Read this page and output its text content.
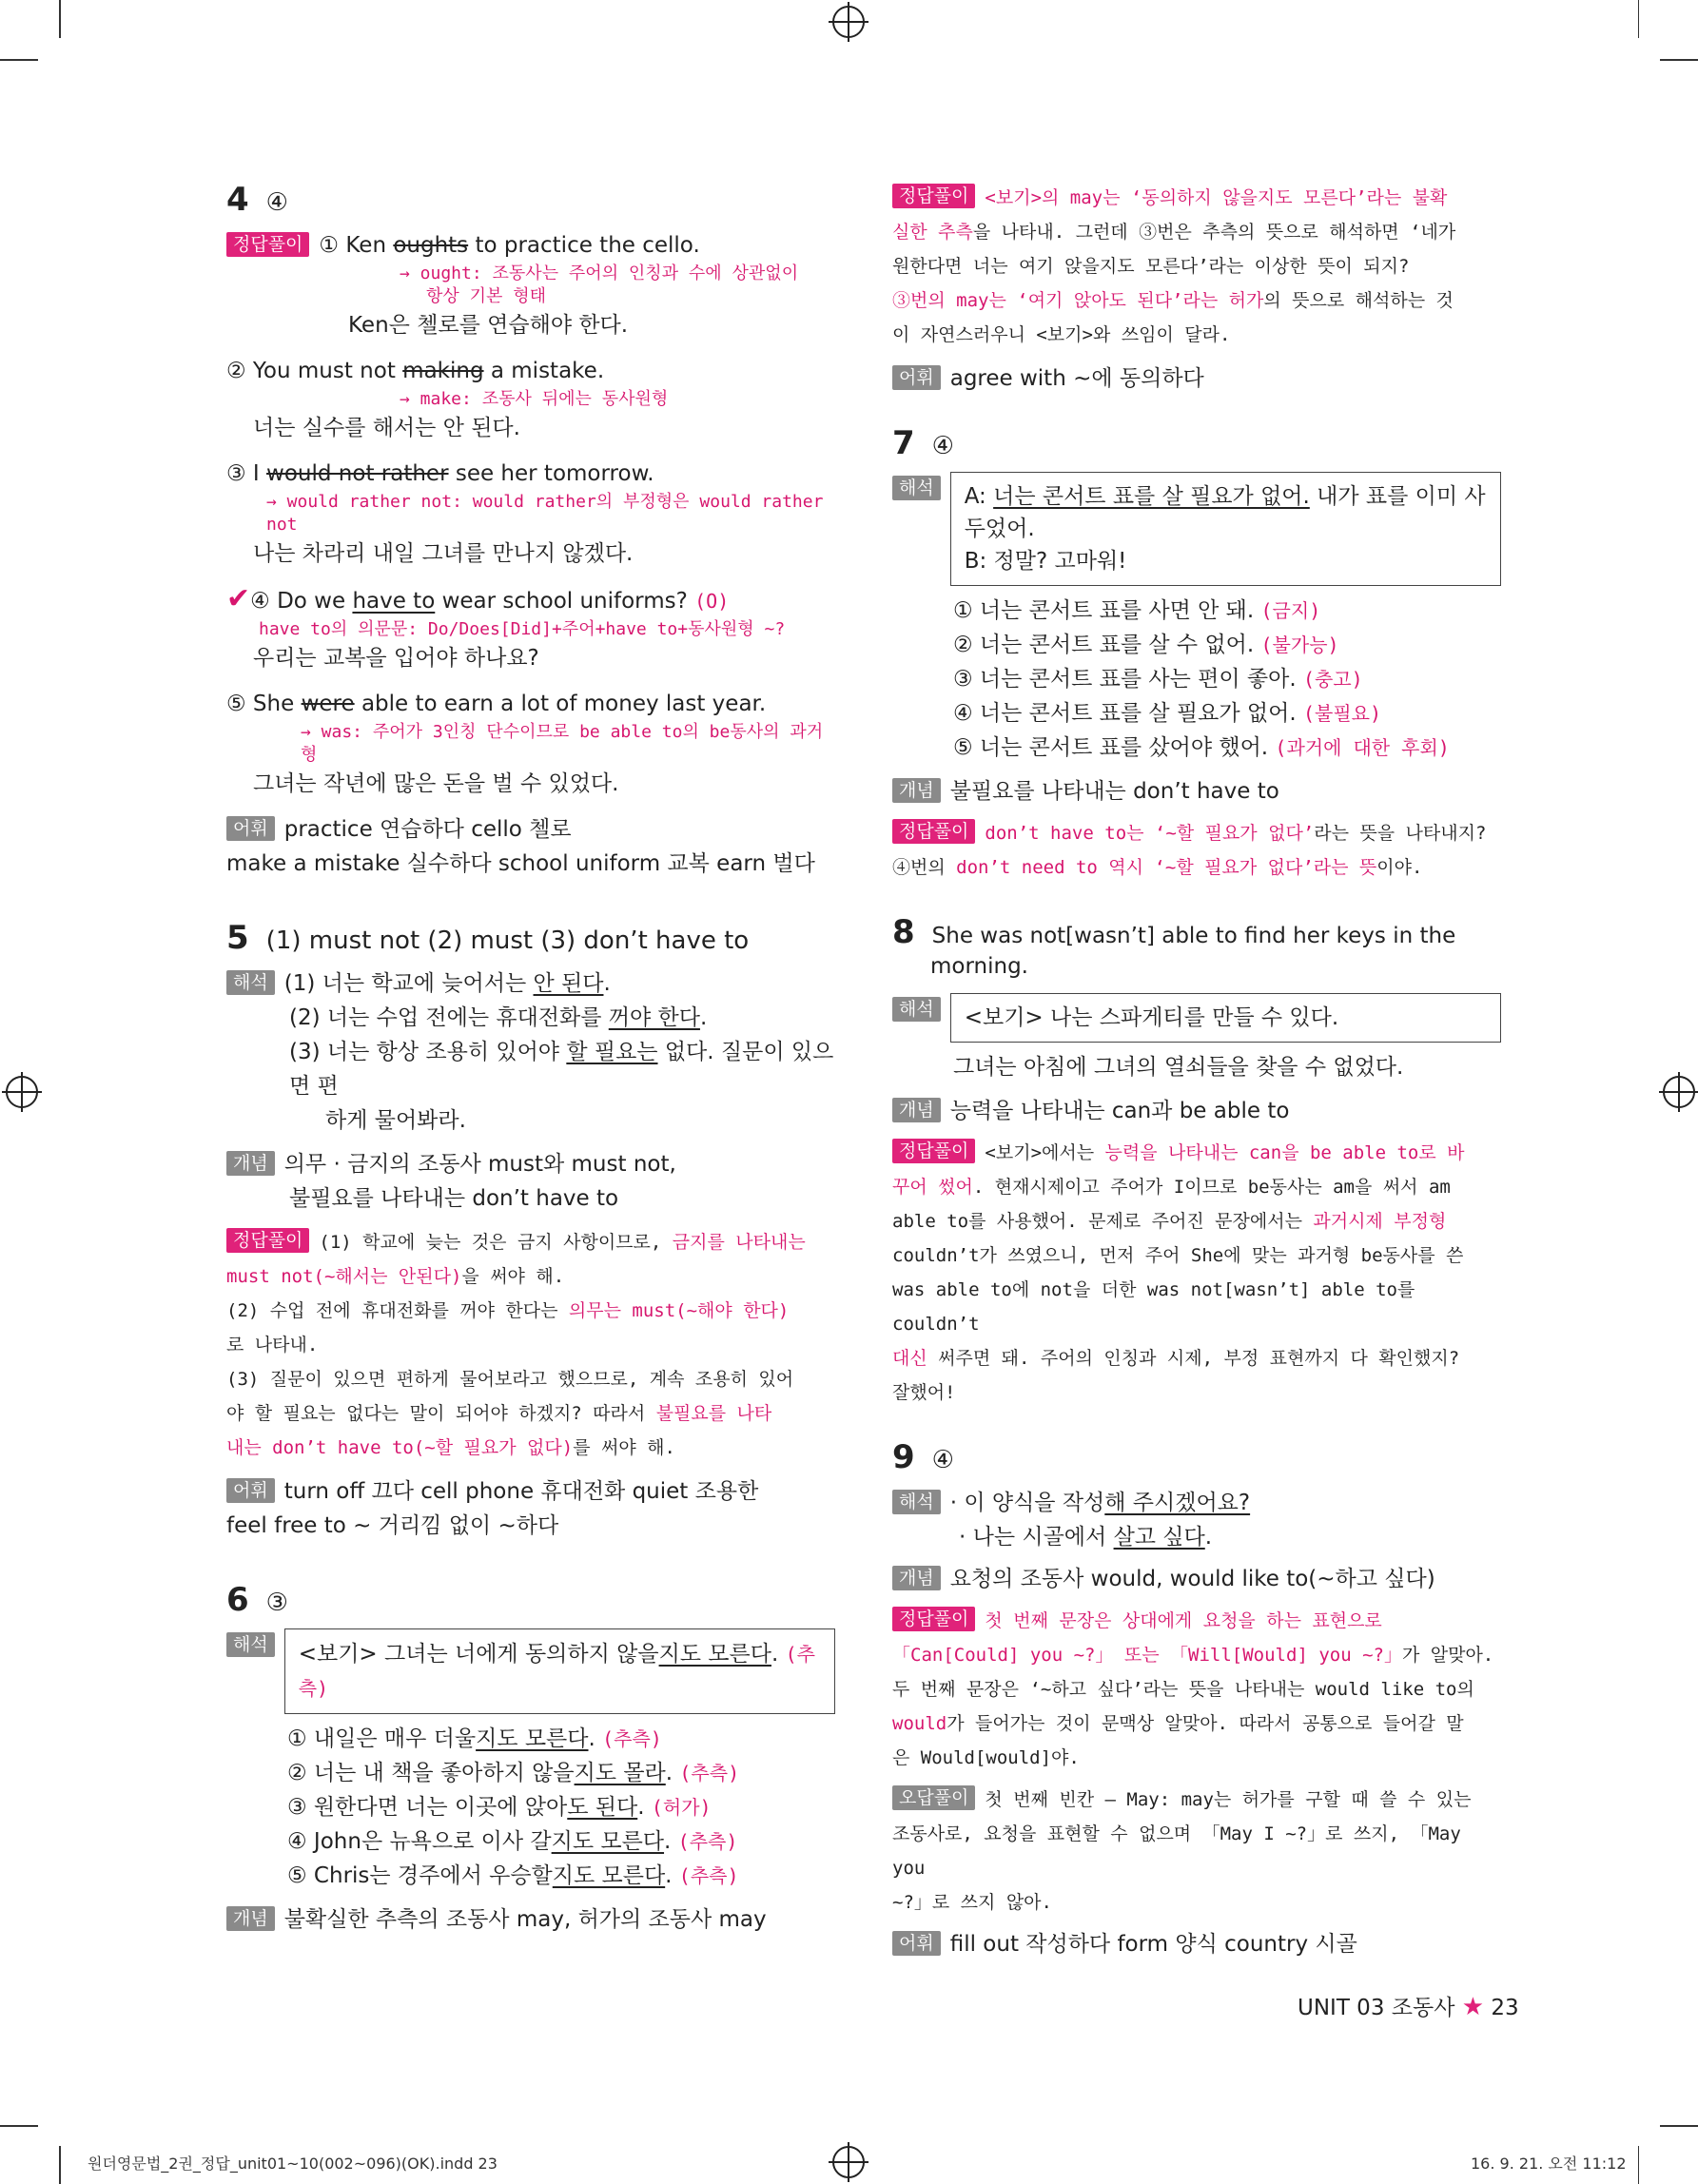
4 ④
정답풀이 ① Ken oughts to practice the cello.
→ ought: 조동사는 주어의 인칭과 수에 상관없이
항상 기본 형태
Ken은 첼로를 연습해야 한다.
② You must not making a mistake.
→ make: 조동사 뒤에는 동사원형
너는 실수를 해서는 안 된다.
③ I would not rather see her tomorrow.
→ would rather not: would rather의 부정형은 would rather not
나는 차라리 내일 그녀를 만나지 않겠다.
✔④ Do we have to wear school uniforms? (O)
have to의 의문문: Do/Does[Did]+주어+have to+동사원형 ~?
우리는 교복을 입어야 하나요?
⑤ She were able to earn a lot of money last year.
→ was: 주어가 3인칭 단수이므로 be able to의 be동사의 과거형
그녀는 작년에 많은 돈을 벌 수 있었다.
어휘 practice 연습하다 cello 첼로
make a mistake 실수하다 school uniform 교복 earn 벌다
5 (1) must not (2) must (3) don’t have to
해석 (1) 너는 학교에 늦어서는 안 된다.
(2) 너는 수업 전에는 휴대전화를 꺼야 한다.
(3) 너는 항상 조용히 있어야 할 필요는 없다. 질문이 있으면 편
하게 물어봐라.
개념 의무 · 금지의 조동사 must와 must not,
불필요를 나타내는 don’t have to
정답풀이 (1) 학교에 늦는 것은 금지 사항이므로, 금지를 나타내는
must not(~해서는 안된다)을 써야 해.
(2) 수업 전에 휴대전화를 꺼야 한다는 의무는 must(~해야 한다)
로 나타내.
(3) 질문이 있으면 편하게 물어보라고 했으므로, 계속 조용히 있어
야 할 필요는 없다는 말이 되어야 하겠지? 따라서 불필요를 나타
내는 don’t have to(~할 필요가 없다)를 써야 해.
어휘 turn off 끄다 cell phone 휴대전화 quiet 조용한
feel free to ~ 거리낌 없이 ~하다
6 ③
해석	<보기> 그녀는 너에게 동의하지 않을지도 모른다. (추측)
① 내일은 매우 더울지도 모른다. (추측)
② 너는 내 책을 좋아하지 않을지도 몰라. (추측)
③ 원한다면 너는 이곳에 앉아도 된다. (허가)
④ John은 뉴욕으로 이사 갈지도 모른다. (추측)
⑤ Chris는 경주에서 우승할지도 모른다. (추측)
개념 불확실한 추측의 조동사 may, 허가의 조동사 may
정답풀이 <보기>의 may는 ‘동의하지 않을지도 모른다’라는 불확
실한 추측을 나타내. 그런데 ③번은 추측의 뜻으로 해석하면 ‘네가
원한다면 너는 여기 앉을지도 모른다’라는 이상한 뜻이 되지?
③번의 may는 ‘여기 앉아도 된다’라는 허가의 뜻으로 해석하는 것
이 자연스러우니 <보기>와 쓰임이 달라.
어휘 agree with ~에 동의하다
7 ④
해석	A: 너는 콘서트 표를 살 필요가 없어. 내가 표를 이미 사 두었어.
B: 정말? 고마워!
① 너는 콘서트 표를 사면 안 돼. (금지)
② 너는 콘서트 표를 살 수 없어. (불가능)
③ 너는 콘서트 표를 사는 편이 좋아. (충고)
④ 너는 콘서트 표를 살 필요가 없어. (불필요)
⑤ 너는 콘서트 표를 샀어야 했어. (과거에 대한 후회)
개념 불필요를 나타내는 don’t have to
정답풀이 don’t have to는 ‘~할 필요가 없다’라는 뜻을 나타내지?
④번의 don’t need to 역시 ‘~할 필요가 없다’라는 뜻이야.
8 She was not[wasn’t] able to find her keys in the
morning.
해석	<보기> 나는 스파게티를 만들 수 있다.
그녀는 아침에 그녀의 열쇠들을 찾을 수 없었다.
개념 능력을 나타내는 can과 be able to
정답풀이 <보기>에서는 능력을 나타내는 can을 be able to로 바
꾸어 썼어. 현재시제이고 주어가 I이므로 be동사는 am을 써서 am
able to를 사용했어. 문제로 주어진 문장에서는 과거시제 부정형
couldn’t가 쓰였으니, 먼저 주어 She에 맞는 과거형 be동사를 쓴
was able to에 not을 더한 was not[wasn’t] able to를 couldn’t
대신 써주면 돼. 주어의 인칭과 시제, 부정 표현까지 다 확인했지?
잘했어!
9 ④
해석 · 이 양식을 작성해 주시겠어요?
· 나는 시골에서 살고 싶다.
개념 요청의 조동사 would, would like to(~하고 싶다)
정답풀이 첫 번째 문장은 상대에게 요청을 하는 표현으로
「Can[Could] you ~?」 또는 「Will[Would] you ~?」가 알맞아.
두 번째 문장은 ‘~하고 싶다’라는 뜻을 나타내는 would like to의
would가 들어가는 것이 문맥상 알맞아. 따라서 공통으로 들어갈 말
은 Would[would]야.
오답풀이 첫 번째 빈칸 – May: may는 허가를 구할 때 쓸 수 있는
조동사로, 요청을 표현할 수 없으며 「May I ~?」로 쓰지, 「May you
~?」로 쓰지 않아.
어휘 fill out 작성하다 form 양식 country 시골
UNIT 03 조동사 ★ 23
원더영문법_2권_정답_unit01~10(002~096)(OK).indd 23	16. 9. 21. 오전 11:12
